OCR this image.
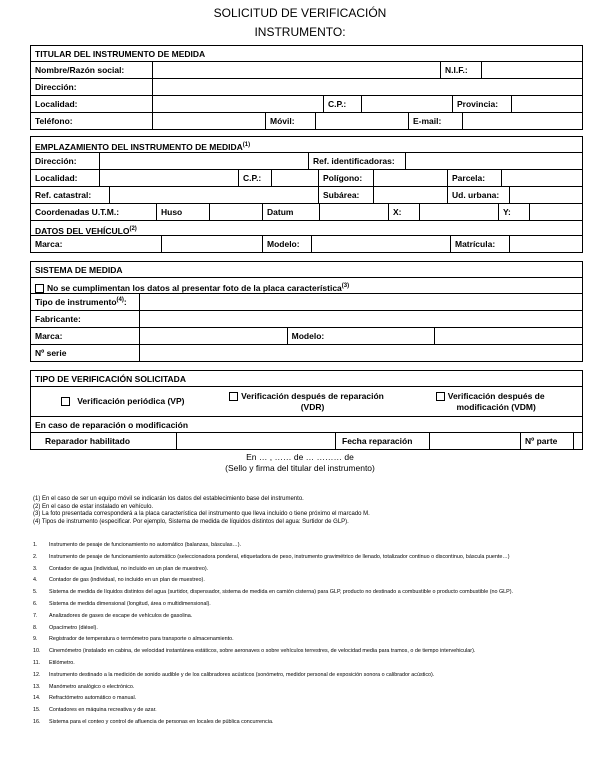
SOLICITUD DE VERIFICACIÓN
INSTRUMENTO:
TITULAR DEL INSTRUMENTO DE MEDIDA
Nombre/Razón social:		N.I.F.:	
Dirección:	
Localidad:		C.P.:		Provincia:	
Teléfono:		Móvil:		E-mail:	
EMPLAZAMIENTO DEL INSTRUMENTO DE MEDIDA$^{(1)}$
Dirección:		Ref. identificadoras:	
Localidad:		C.P.:		Polígono:		Parcela:	
Ref. catastral:		Subárea:		Ud. urbana:	
Coordenadas U.T.M.:	Huso		Datum		X:		Y:	
DATOS DEL VEHÍCULO$^{(2)}$
Marca:		Modelo:		Matrícula:	
SISTEMA DE MEDIDA
No se cumplimentan los datos al presentar foto de la placa característica$^{(3)}$
Tipo de instrumento$^{(4)}$:			
Fabricante:			
Marca:		Modelo:	
Nº serie			
TIPO DE VERIFICACIÓN SOLICITADA
Verificación periódica (VP)
Verificación después de reparación
(VDR)
Verificación después de
modificación (VDM)
En caso de reparación o modificación
Reparador habilitado		Fecha reparación		Nº parte	
En … , …… de … ……… de
(Sello y firma del titular del instrumento)
(1) En el caso de ser un equipo móvil se indicarán los datos del establecimiento base del instrumento.
(2) En el caso de estar instalado en vehículo.
(3) La foto presentada corresponderá a la placa característica del instrumento que lleva incluido o tiene próximo el marcado M.
(4) Tipos de instrumento (especificar. Por ejemplo, Sistema de medida de líquidos distintos del agua: Surtidor de GLP).
1. Instrumento de pesaje de funcionamiento no automático (balanzas, básculas…).
2. Instrumento de pesaje de funcionamiento automático (seleccionadora ponderal, etiquetadora de peso, instrumento gravimétrico de llenado, totalizador continuo o discontinuo, báscula puente…)
3. Contador de agua (individual, no incluido en un plan de muestreo).
4. Contador de gas (individual, no incluido en un plan de muestreo).
5. Sistema de medida de líquidos distintos del agua (surtidor, dispensador, sistema de medida en camión cisterna) para GLP, producto no destinado a combustible o producto combustible (no GLP).
6. Sistema de medida dimensional (longitud, área o multidimensional).
7. Analizadores de gases de escape de vehículos de gasolina.
8. Opacímetro (diésel).
9. Registrador de temperatura o termómetro para transporte o almacenamiento.
10. Cinemómetro (instalado en cabina, de velocidad instantánea estáticos, sobre aeronaves o sobre vehículos terrestres, de velocidad media para tramos, o de tiempo intervehicular).
11. Etilómetro.
12. Instrumento destinado a la medición de sonido audible y de los calibradores acústicos (sonómetro, medidor personal de exposición sonora o calibrador acústico).
13. Manómetro analógico o electrónico.
14. Refractómetro automático o manual.
15. Contadores en máquina recreativa y de azar.
16. Sistema para el conteo y control de afluencia de personas en locales de pública concurrencia.
